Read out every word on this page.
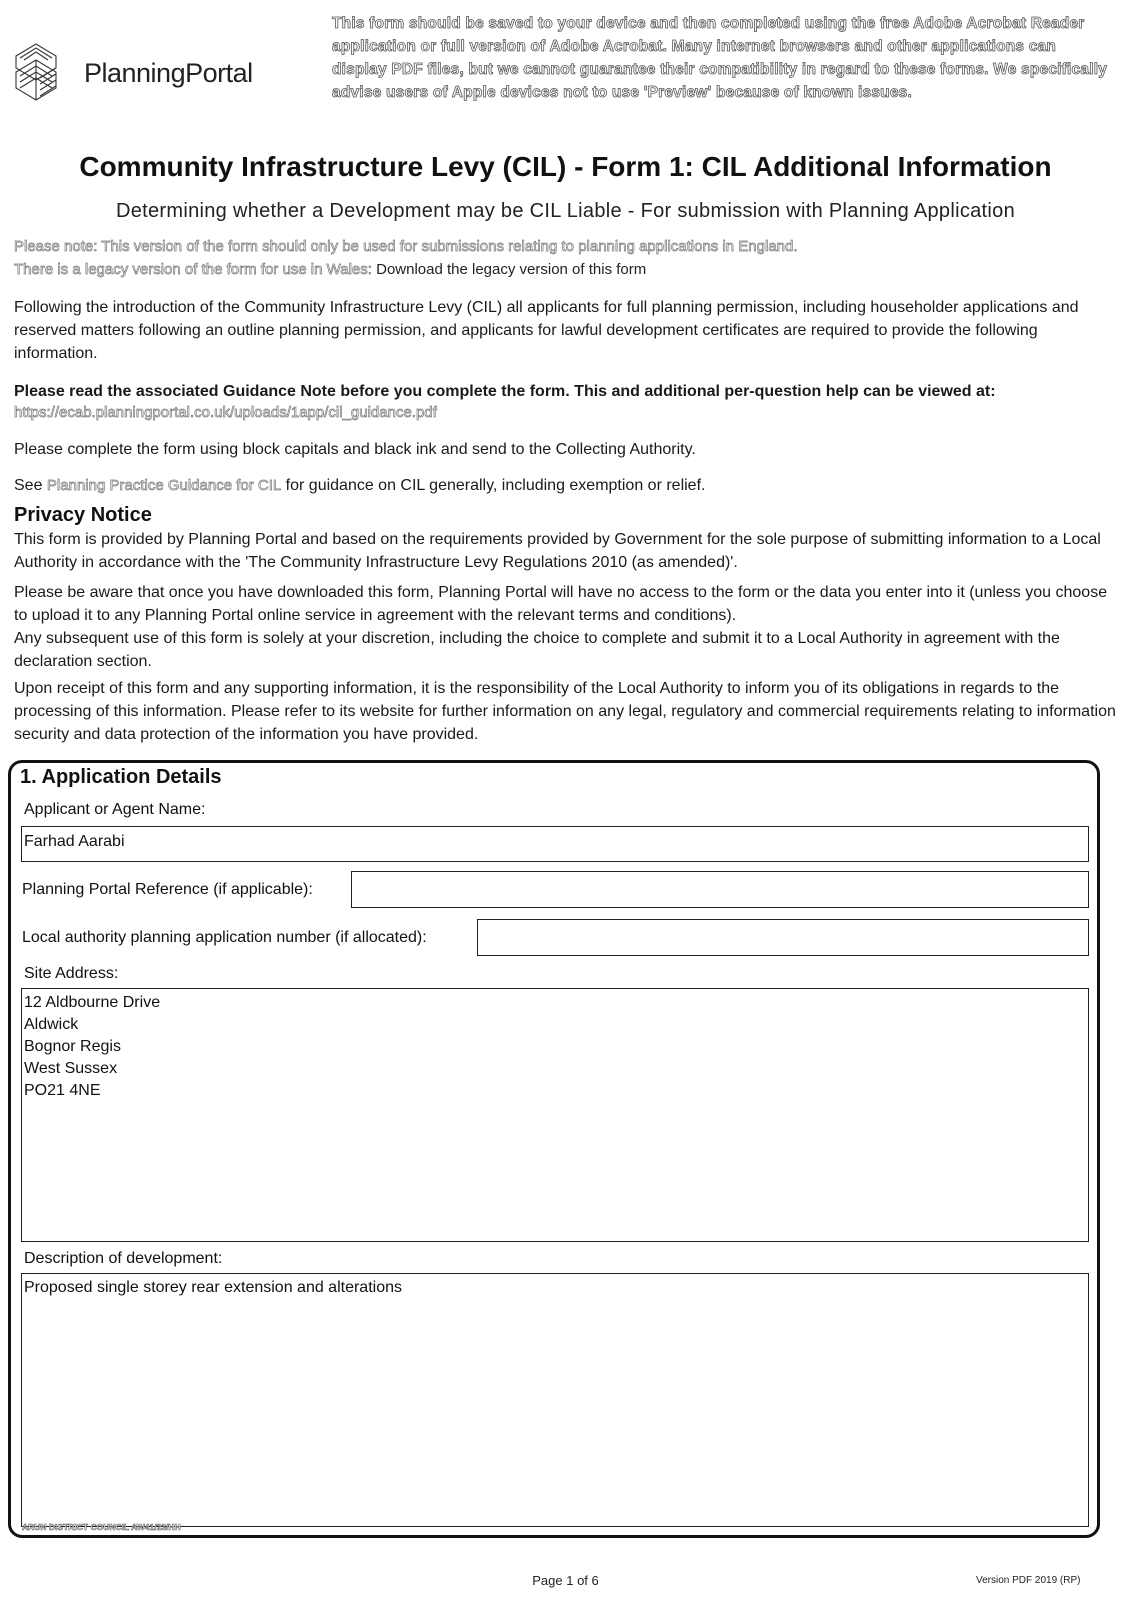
PlanningPortal
This form should be saved to your device and then completed using the free Adobe Acrobat Reader application or full version of Adobe Acrobat. Many internet browsers and other applications can display PDF files, but we cannot guarantee their compatibility in regard to these forms. We specifically advise users of Apple devices not to use 'Preview' because of known issues.
Community Infrastructure Levy (CIL) - Form 1: CIL Additional Information
Determining whether a Development may be CIL Liable - For submission with Planning Application
Please note: This version of the form should only be used for submissions relating to planning applications in England.
There is a legacy version of the form for use in Wales: Download the legacy version of this form
Following the introduction of the Community Infrastructure Levy (CIL) all applicants for full planning permission, including householder applications and reserved matters following an outline planning permission, and applicants for lawful development certificates are required to provide the following information.
Please read the associated Guidance Note before you complete the form. This and additional per-question help can be viewed at:
https://ecab.planningportal.co.uk/uploads/1app/cil_guidance.pdf
Please complete the form using block capitals and black ink and send to the Collecting Authority.
See Planning Practice Guidance for CIL for guidance on CIL generally, including exemption or relief.
Privacy Notice
This form is provided by Planning Portal and based on the requirements provided by Government for the sole purpose of submitting information to a Local Authority in accordance with the 'The Community Infrastructure Levy Regulations 2010 (as amended)'.
Please be aware that once you have downloaded this form, Planning Portal will have no access to the form or the data you enter into it (unless you choose to upload it to any Planning Portal online service in agreement with the relevant terms and conditions).
Any subsequent use of this form is solely at your discretion, including the choice to complete and submit it to a Local Authority in agreement with the declaration section.
Upon receipt of this form and any supporting information, it is the responsibility of the Local Authority to inform you of its obligations in regards to the processing of this information. Please refer to its website for further information on any legal, regulatory and commercial requirements relating to information security and data protection of the information you have provided.
1. Application Details
Applicant or Agent Name:
Farhad Aarabi
Planning Portal Reference (if applicable):
Local authority planning application number (if allocated):
Site Address:
12 Aldbourne Drive
Aldwick
Bognor Regis
West Sussex
PO21 4NE
Description of development:
Proposed single storey rear extension and alterations
ARUN DISTRICT COUNCIL AW41/23/HH
Page 1 of 6	Version PDF 2019 (RP)
